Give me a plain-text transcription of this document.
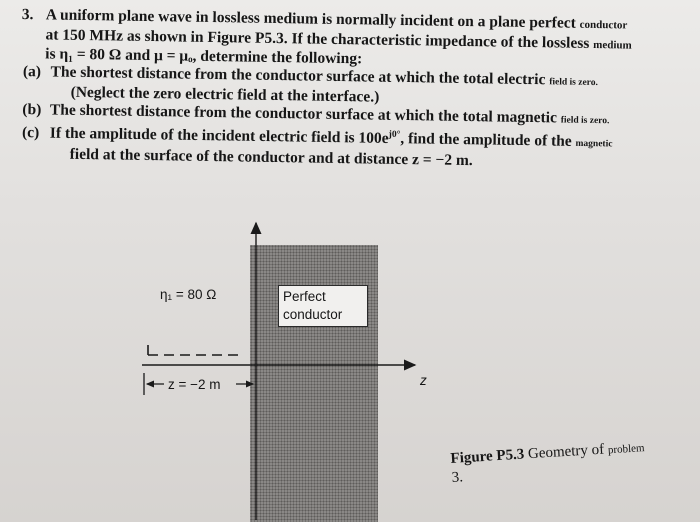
3. A uniform plane wave in lossless medium is normally incident on a plane perfect conductor
at 150 MHz as shown in Figure P5.3. If the characteristic impedance of the lossless medium
is η₁ = 80 Ω and μ = μₒ, determine the following:
(a) The shortest distance from the conductor surface at which the total electric field is zero.
(Neglect the zero electric field at the interface.)
(b) The shortest distance from the conductor surface at which the total magnetic field is zero.
(c) If the amplitude of the incident electric field is $100e^{j0^\circ}$, find the amplitude of the magnetic
field at the surface of the conductor and at distance z = −2 m.
η₁ = 80 Ω	Perfect
conductor
z
z = −2 m
Figure P5.3 Geometry of problem
3.
